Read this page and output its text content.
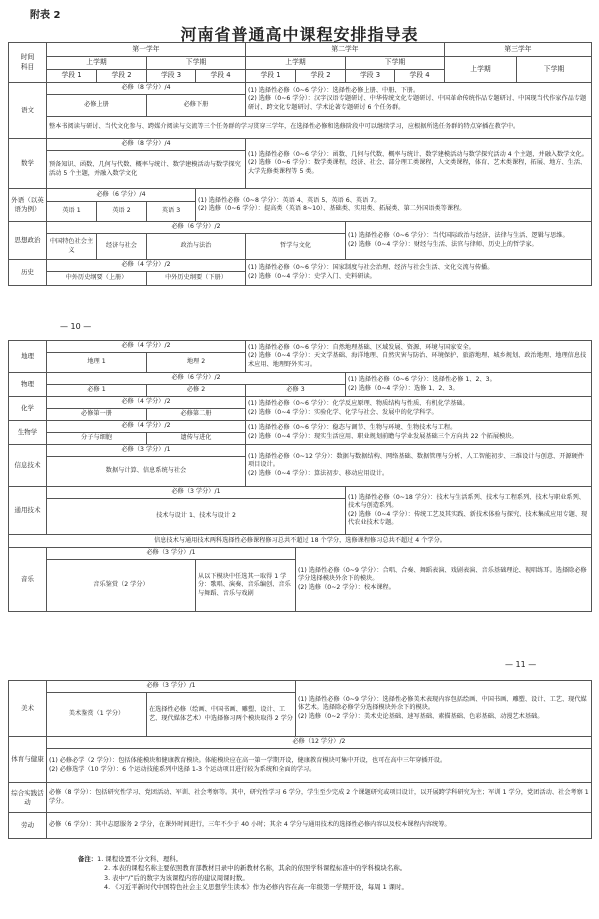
附表 2
河南省普通高中课程安排指导表
时间
科目	第一学年				第二学年				第三学年	
	上学期		下学期		上学期		下学期		上学期	下学期
	学段 1	学段 2	学段 3	学段 4	学段 1	学段 2	学段 3	学段 4		
语文	必修（8 学分）/4				(1) 选择性必修（0~6 学分）：选择性必修上册、中册、下册。
(2) 选修（0~6 学分）：汉字汉语专题研讨、中华传统文化专题研讨、中国革命传统作品专题研讨、中国现当代作家作品专题研讨、跨文化专题研讨、学术论著专题研讨 6 个任务群。					
	必修上册		必修下册							
	整本书阅读与研讨、当代文化参与、跨媒介阅读与交流等三个任务群的学习贯穿三学年，在选择性必修和选修阶段中可以继续学习，应根据所选任务群的特点穿插在教学中。									
数学	必修（8 学分）/4				(1) 选择性必修（0~6 学分）：函数、几何与代数、概率与统计、数学建模活动与数学探究活动 4 个主题，并融入数学文化。
(2) 选修（0~6 学分）：数学类课程，经济、社会、部分理工类课程，人文类课程，体育、艺术类课程，拓展、地方、生活、大学先修类课程等 5 类。					
	预备知识、函数、几何与代数、概率与统计、数学建模活动与数学探究活动 5 个主题，并融入数学文化									
外语（以英语为例）	必修（6 学分）/4			(1) 选择性必修（0~8 学分）：英语 4、英语 5、英语 6、英语 7。
(2) 选修（0~6 学分）：提高类（英语 8~10）、基础类、实用类、拓展类、第二外国语类等课程。						
	英语 1	英语 2	英语 3							
思想政治	必修（6 学分）/2						(1) 选择性必修（0~6 学分）：当代国际政治与经济、法律与生活、逻辑与思维。
(2) 选修（0~4 学分）：财经与生活、法官与律师、历史上的哲学家。			
	中国特色社会主义	经济与社会	政治与法治		哲学与文化					
历史	必修（4 学分）/2				(1) 选择性必修（0~6 学分）：国家制度与社会治理、经济与社会生活、文化交流与传播。
(2) 选修（0~4 学分）：史学入门、史料研读。					
	中外历史纲要（上册）		中外历史纲要（下册）							
— 10 —
地理	必修（4 学分）/2			(1) 选择性必修（0~6 学分）：自然地理基础、区域发展、资源、环境与国家安全。
(2) 选修（0~4 学分）：天文学基础、海洋地理、自然灾害与防治、环境保护、旅游地理、城乡规划、政治地理、地理信息技术应用、地理野外实习。		
	地理 1	地理 2				
物理	必修（6 学分）/2					(1) 选择性必修（0~6 学分）：选择性必修 1、2、3。
(2) 选修（0~4 学分）：选修 1、2、3。
	必修 1	必修 2		必修 3		
化学	必修（4 学分）/2			(1) 选择性必修（0~6 学分）：化学反应原理、物质结构与性质、有机化学基础。
(2) 选修（0~4 学分）：实验化学、化学与社会、发展中的化学科学。		
	必修第一册	必修第二册				
生物学	必修（4 学分）/2			(1) 选择性必修（0~6 学分）：稳态与调节、生物与环境、生物技术与工程。
(2) 选修（0~4 学分）：现实生活应用、职业规划前瞻与学业发展基础三个方向共 22 个拓展模块。		
	分子与细胞	遗传与进化				
信息技术	必修（3 学分）/1			(1) 选择性必修（0~12 学分）：数据与数据结构、网络基础、数据管理与分析、人工智能初步、三维设计与创意、开源硬件项目设计。
(2) 选修（0~4 学分）：算法初步、移动应用设计。		
	数据与计算、信息系统与社会					
通用技术	必修（3 学分）/1					(1) 选择性必修（0~18 学分）：技术与生活系列、技术与工程系列、技术与职业系列、技术与创造系列。
(2) 选修（0~4 学分）：传统工艺及其实践、新技术体验与探究、技术集成应用专题、现代农业技术专题。
	技术与设计 1、技术与设计 2					
信息技术与通用技术两科选择性必修课程修习总共不超过 18 个学分，选修课程修习总共不超过 4 个学分。						
音乐	必修（3 学分）/1				(1) 选择性必修（0~9 学分）：合唱、合奏、舞蹈表演、戏剧表演、音乐基础理论、视唱练耳。选择除必修学分选择模块外余下的模块。
(2) 选修（0~2 学分）：校本课程。	
	音乐鉴赏（2 学分）		从以下模块中任选其一取得 1 学分：歌唱、演奏、音乐编创、音乐与舞蹈、音乐与戏剧			
— 11 —
美术	必修（3 学分）/1		(1) 选择性必修（0~9 学分）：选择性必修美术表现内容包括绘画、中国书画、雕塑、设计、工艺、现代媒体艺术。选择除必修学分选择模块外余下的模块。
(2) 选修（0~2 学分）：美术史论基础、速写基础、素描基础、色彩基础、动漫艺术基础。
	美术鉴赏（1 学分）	在选择性必修（绘画、中国书画、雕塑、设计、工艺、现代媒体艺术）中选择修习两个模块取得 2 学分	
体育与健康	必修（12 学分）/2		
	(1) 必修必学（2 学分）：包括体能模块和健康教育模块。体能模块应在高一第一学期开设，健康教育模块可集中开设，也可在高中三年穿插开设。
(2) 必修选学（10 学分）：6 个运动技能系列中选择 1-3 个运动项目进行较为系统和全面的学习。		
综合实践活动	必修（8 学分）：包括研究性学习、党团活动、军训、社会考察等。其中，研究性学习 6 学分，学生至少完成 2 个课题研究或项目设计，以开展跨学科研究为主；军训 1 学分，党团活动、社会考察 1 学分。		
劳动	必修（6 学分）：其中志愿服务 2 学分，在课外时间进行，三年不少于 40 小时；其余 4 学分与通用技术的选择性必修内容以及校本课程内容统筹。		
备注：1. 课程设置不分文科、理科。
2. 本表的课程名称主要依照教育部教材目录中的新教材名称，其余的依照学科课程标准中的学科模块名称。
3. 表中“/”后的数字为该课程内容的建议周课时数。
4. 《习近平新时代中国特色社会主义思想学生读本》作为必修内容在高一年级第一学期开设，每周 1 课时。
